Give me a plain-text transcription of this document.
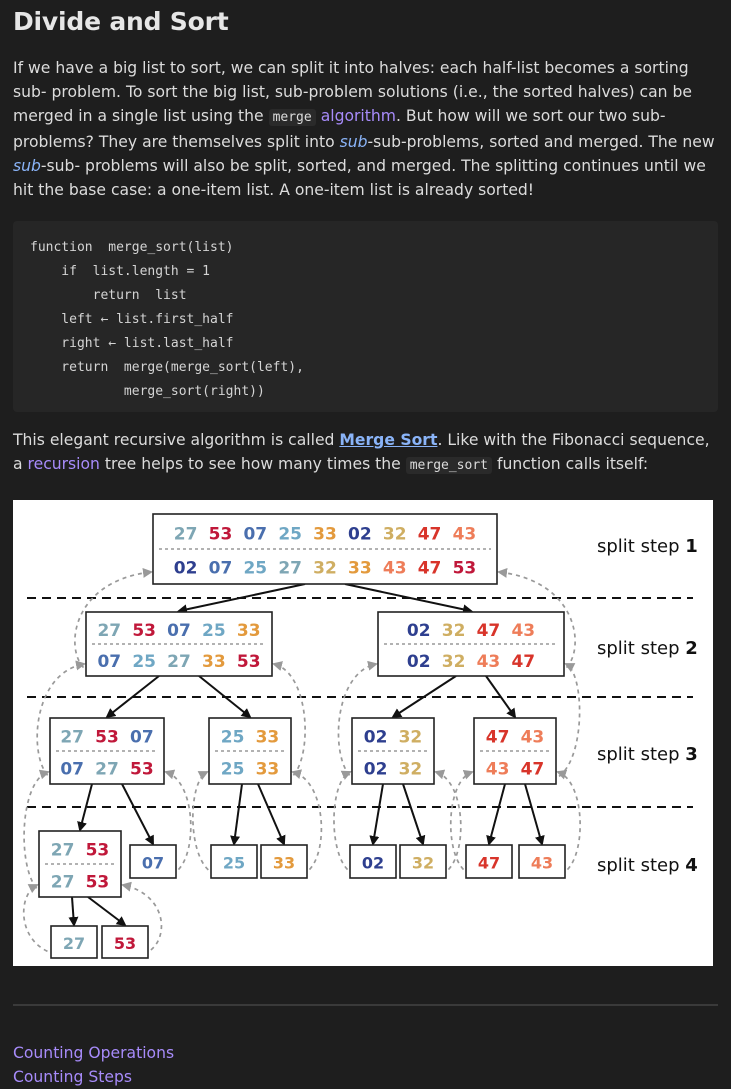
Divide and Sort

If we have a big list to sort, we can split it into halves: each half-list becomes a sorting sub- problem. To sort the big list, sub-problem solutions (i.e., the sorted halves) can be merged in a single list using the merge algorithm. But how will we sort our two sub-problems? They are themselves split into sub-sub-problems, sorted and merged. The new sub-sub- problems will also be split, sorted, and merged. The splitting continues until we hit the base case: a one-item list. A one-item list is already sorted!

function  merge_sort(list)
if  list.length = 1
return  list
left ← list.first_half
right ← list.last_half
return  merge(merge_sort(left),
merge_sort(right))

This elegant recursive algorithm is called Merge Sort. Like with the Fibonacci sequence, a recursion tree helps to see how many times the merge_sort function calls itself:

27 53 07 25 33 02 32 47 43
02 07 25 27 32 33 43 47 53
27 53 07 25 33
07 25 27 33 53
02 32 47 43
02 32 43 47
27 53 07
07 27 53
25 33
25 33
02 32
02 32
47 43
43 47
27 53
27 53
07	25 33	02 32	47 43
27 53
split step 1
split step 2
split step 3
split step 4
Counting Operations
Counting Steps
